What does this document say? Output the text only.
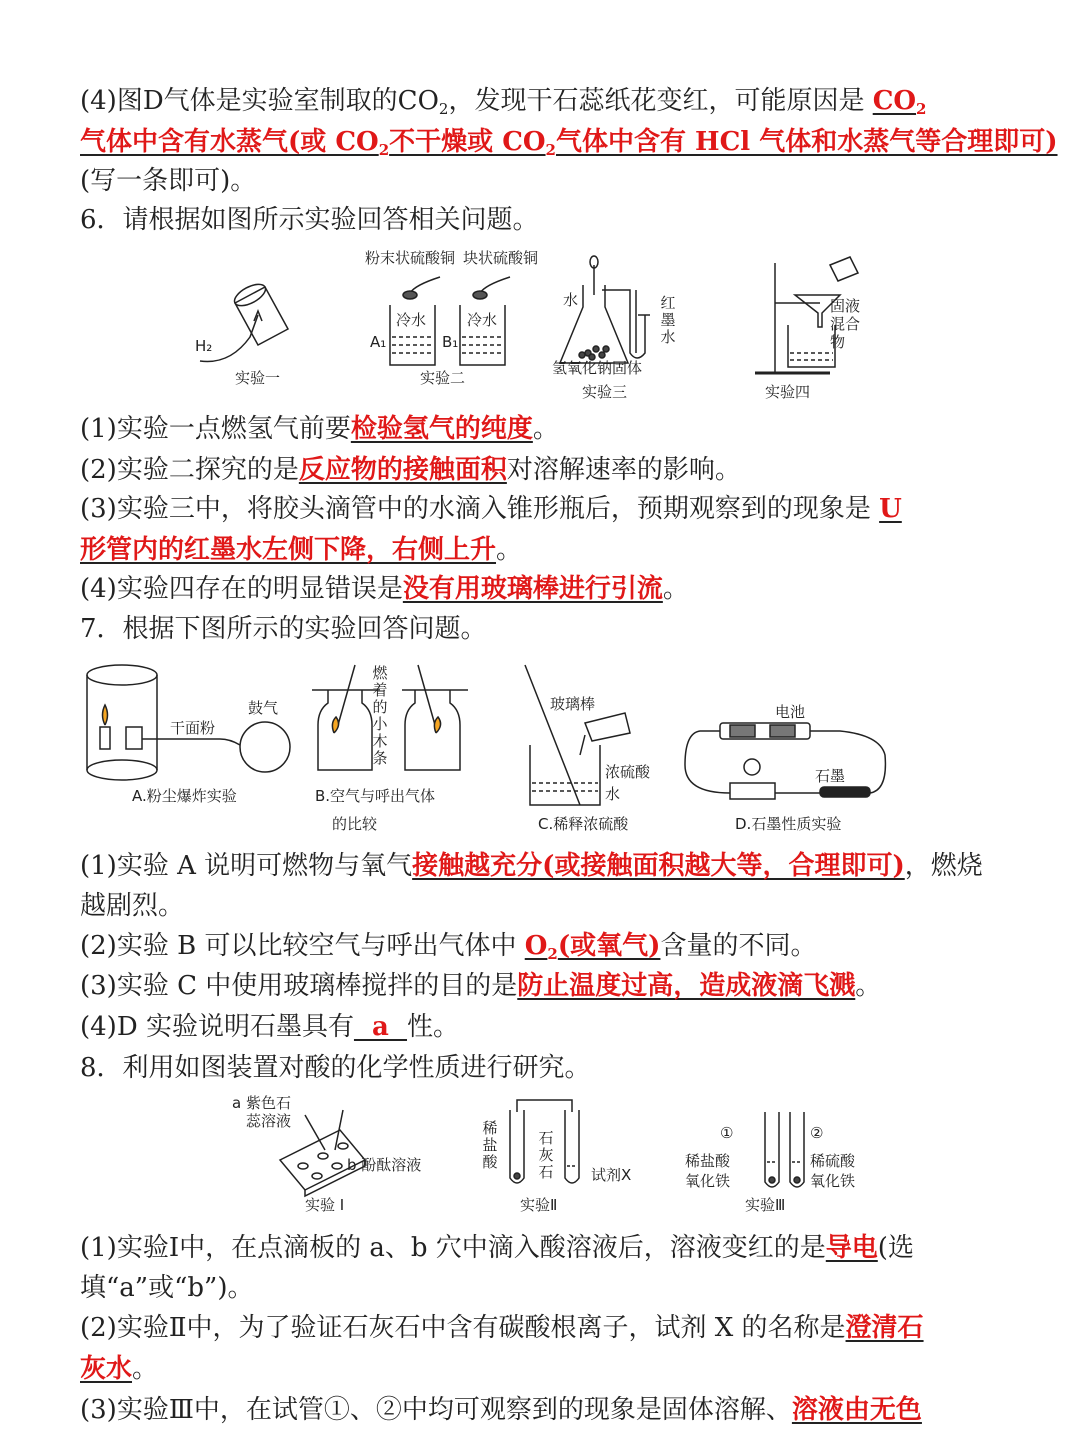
(4)图D气体是实验室制取的$CO_2$，发现干石蕊纸花变红，可能原因是 $CO_2$
气体中含有水蒸气(或 $CO_2$不干燥或 $CO_2$气体中含有 HCl 气体和水蒸气等合理即可)
(写一条即可)。
6．请根据如图所示实验回答相关问题。
H₂
实验一
粉末状硫酸铜 块状硫酸铜
冷水	冷水
A₁	B₁
实验二
水	红墨水
氢氧化钠固体
实验三
固液混合物
实验四
(1)实验一点燃氢气前要检验氢气的纯度。
(2)实验二探究的是反应物的接触面积对溶解速率的影响。
(3)实验三中，将胶头滴管中的水滴入锥形瓶后，预期观察到的现象是 U
形管内的红墨水左侧下降，右侧上升。
(4)实验四存在的明显错误是没有用玻璃棒进行引流。
7．根据下图所示的实验回答问题。
干面粉
鼓气
A.粉尘爆炸实验
燃着的小木条
B.空气与呼出气体
的比较
玻璃棒
浓硫酸
水
C.稀释浓硫酸
电池
石墨
D.石墨性质实验
(1)实验 A 说明可燃物与氧气接触越充分(或接触面积越大等，合理即可)，燃烧
越剧烈。
(2)实验 B 可以比较空气与呼出气体中 $O_2$(或氧气)含量的不同。
(3)实验 C 中使用玻璃棒搅拌的目的是防止温度过高，造成液滴飞溅。
(4)D 实验说明石墨具有  a  性。
8．利用如图装置对酸的化学性质进行研究。
a 紫色石蕊溶液
b 酚酞溶液
实验 I
稀盐酸
石灰石	试剂X
实验Ⅱ
①	②
稀盐酸
氧化铁
稀硫酸
氧化铁
实验Ⅲ
(1)实验Ⅰ中，在点滴板的 a、b 穴中滴入酸溶液后，溶液变红的是导电(选
填“a”或“b”)。
(2)实验Ⅱ中，为了验证石灰石中含有碳酸根离子，试剂 X 的名称是澄清石
灰水。
(3)实验Ⅲ中，在试管①、②中均可观察到的现象是固体溶解、溶液由无色
